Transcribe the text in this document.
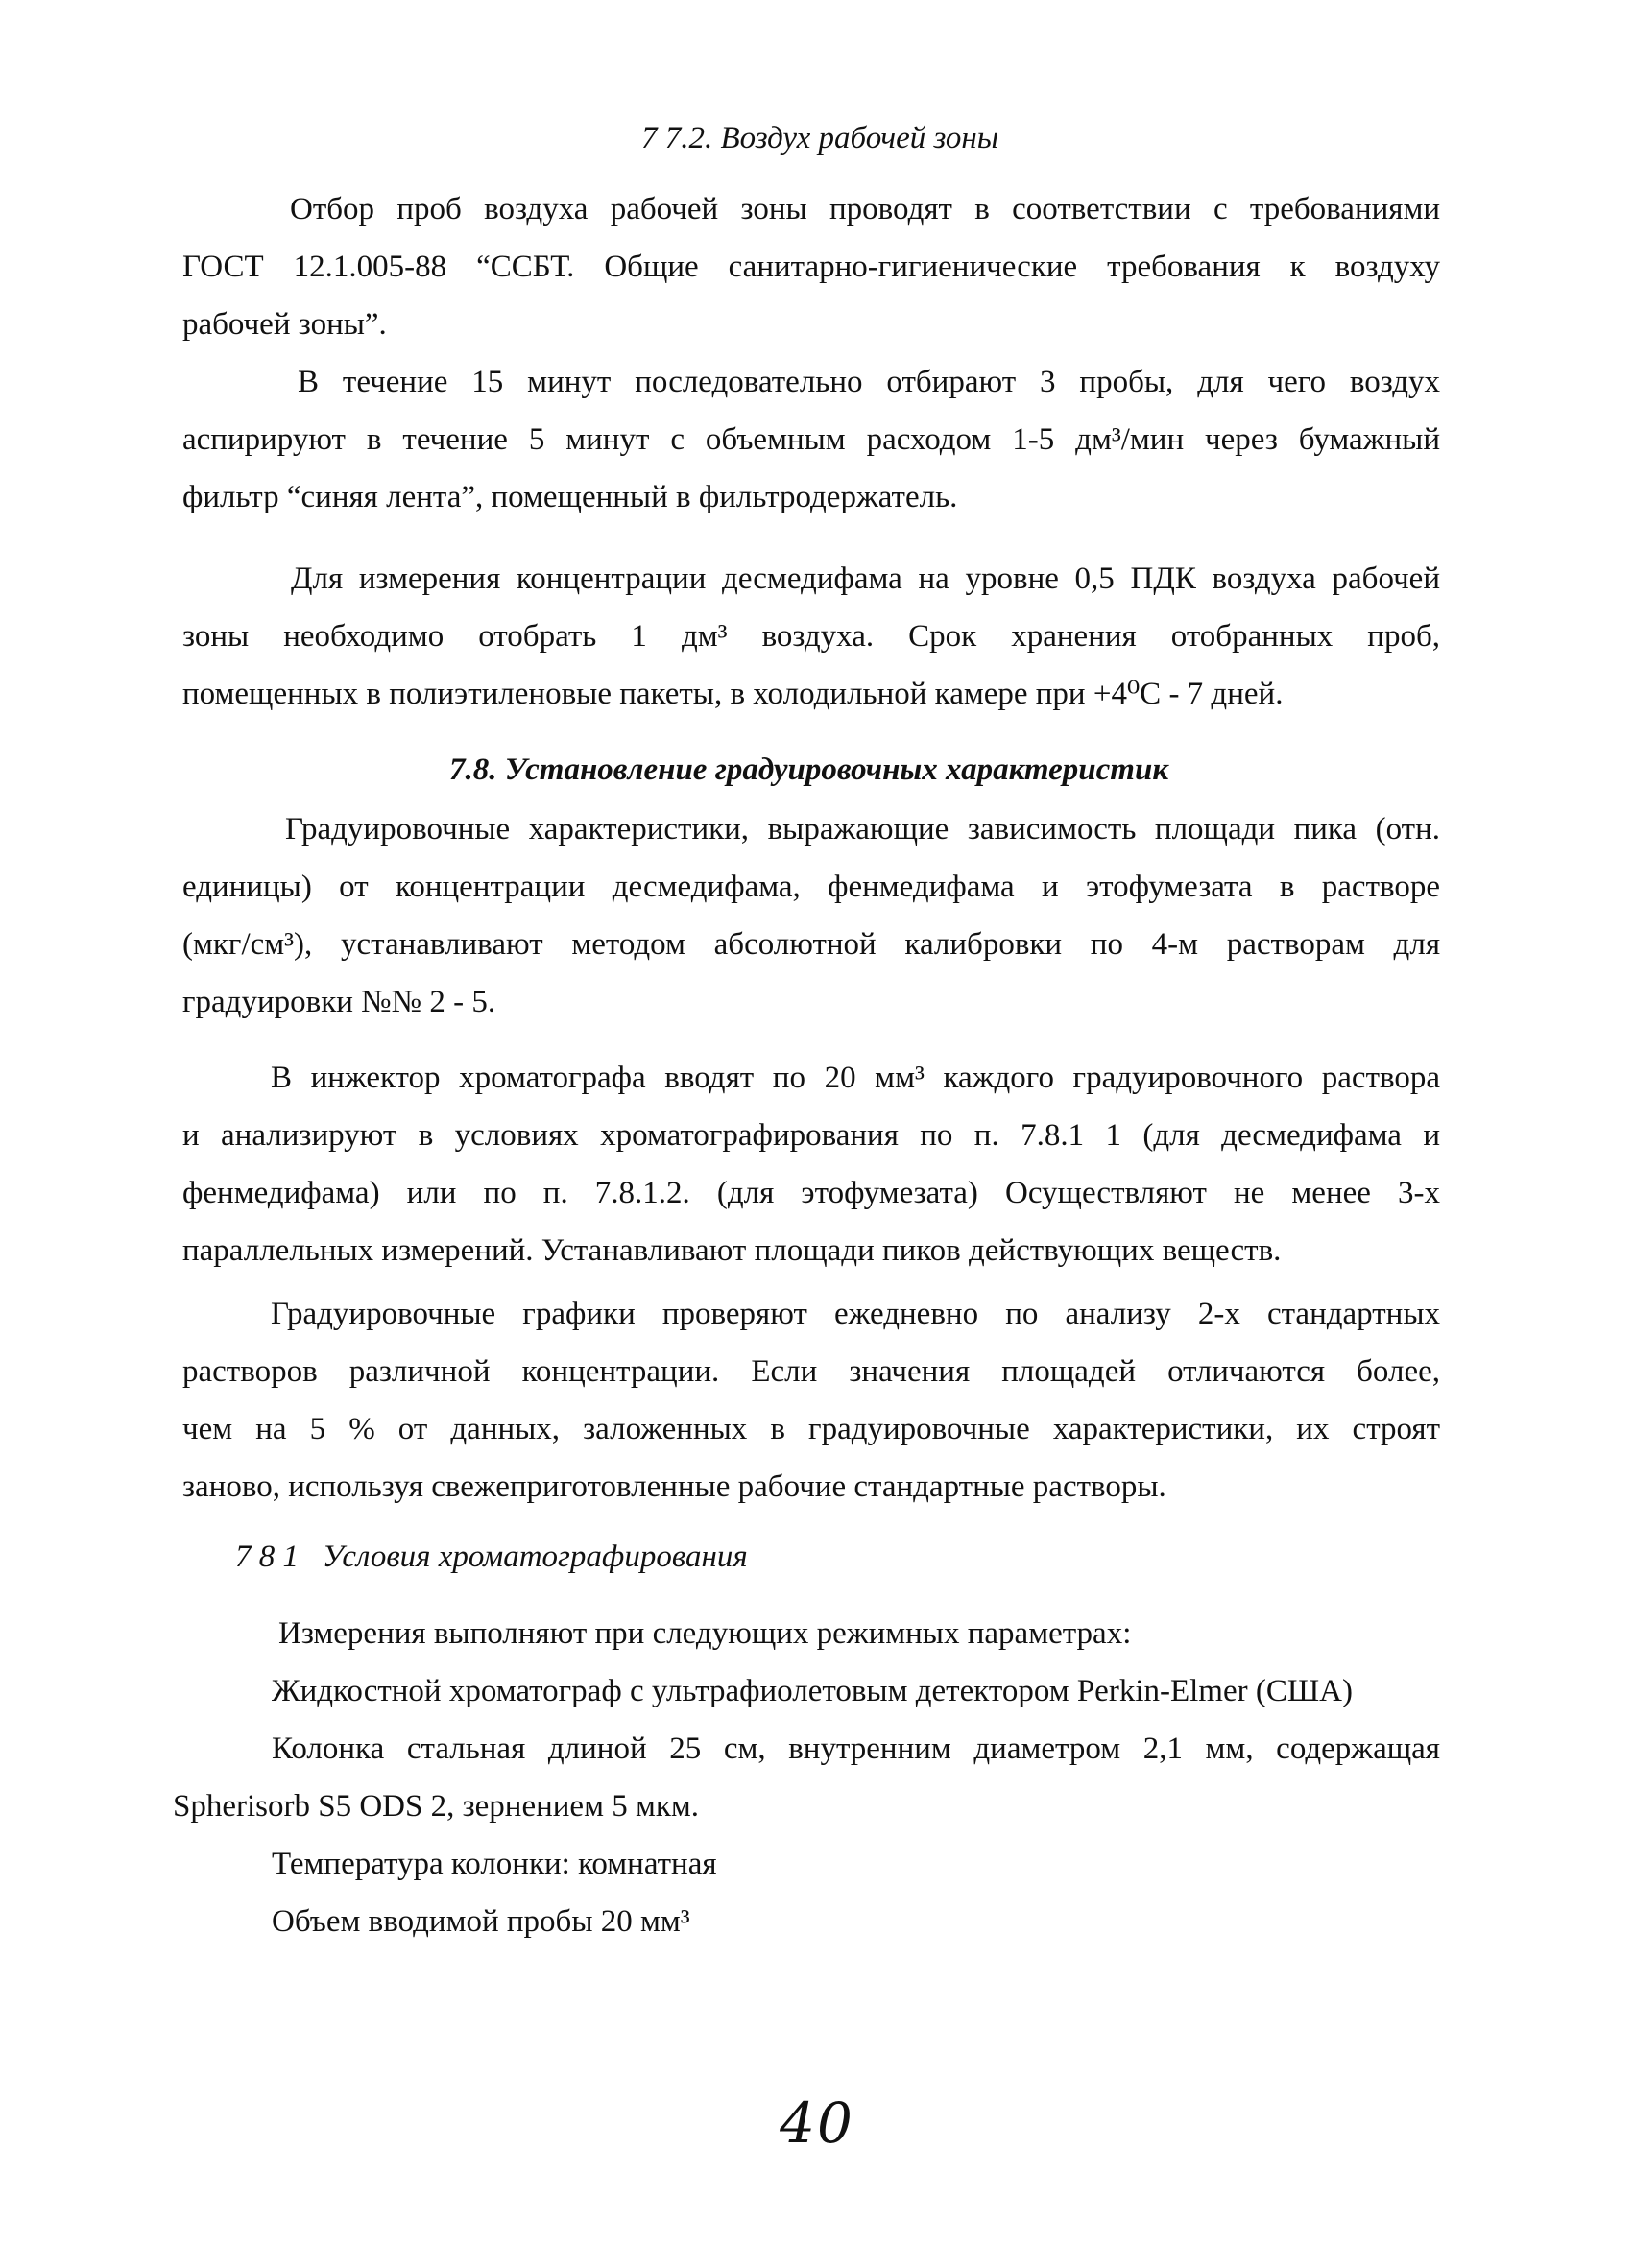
7 7.2. Воздух рабочей зоны
Отбор проб воздуха рабочей зоны проводят в соответствии с требованиями
ГОСТ 12.1.005-88 “ССБТ. Общие санитарно-гигиенические требования к воздуху
рабочей зоны”.
В течение 15 минут последовательно отбирают 3 пробы, для чего воздух
аспирируют в течение 5 минут с объемным расходом 1-5 дм³/мин через бумажный
фильтр “синяя лента”, помещенный в фильтродержатель.
Для измерения концентрации десмедифама на уровне 0,5 ПДК воздуха рабочей
зоны необходимо отобрать 1 дм³ воздуха. Срок хранения отобранных проб,
помещенных в полиэтиленовые пакеты, в холодильной камере при +4⁰С - 7 дней.
7.8. Установление градуировочных характеристик
Градуировочные характеристики, выражающие зависимость площади пика (отн.
единицы) от концентрации десмедифама, фенмедифама и этофумезата в растворе
(мкг/см³), устанавливают методом абсолютной калибровки по 4-м растворам для
градуировки №№ 2 - 5.
В инжектор хроматографа вводят по 20 мм³ каждого градуировочного раствора
и анализируют в условиях хроматографирования по п. 7.8.1 1 (для десмедифама и
фенмедифама) или по п. 7.8.1.2. (для этофумезата) Осуществляют не менее 3-х
параллельных измерений. Устанавливают площади пиков действующих веществ.
Градуировочные графики проверяют ежедневно по анализу 2-х стандартных
растворов различной концентрации. Если значения площадей отличаются более,
чем на 5 % от данных, заложенных в градуировочные характеристики, их строят
заново, используя свежеприготовленные рабочие стандартные растворы.
7 8 1   Условия хроматографирования
Измерения выполняют при следующих режимных параметрах:
Жидкостной хроматограф с ультрафиолетовым детектором Perkin-Elmer (США)
Колонка стальная длиной 25 см, внутренним диаметром 2,1 мм, содержащая
Spherisorb S5 ODS 2, зернением 5 мкм.
Температура колонки: комнатная
Объем вводимой пробы 20 мм³
40
